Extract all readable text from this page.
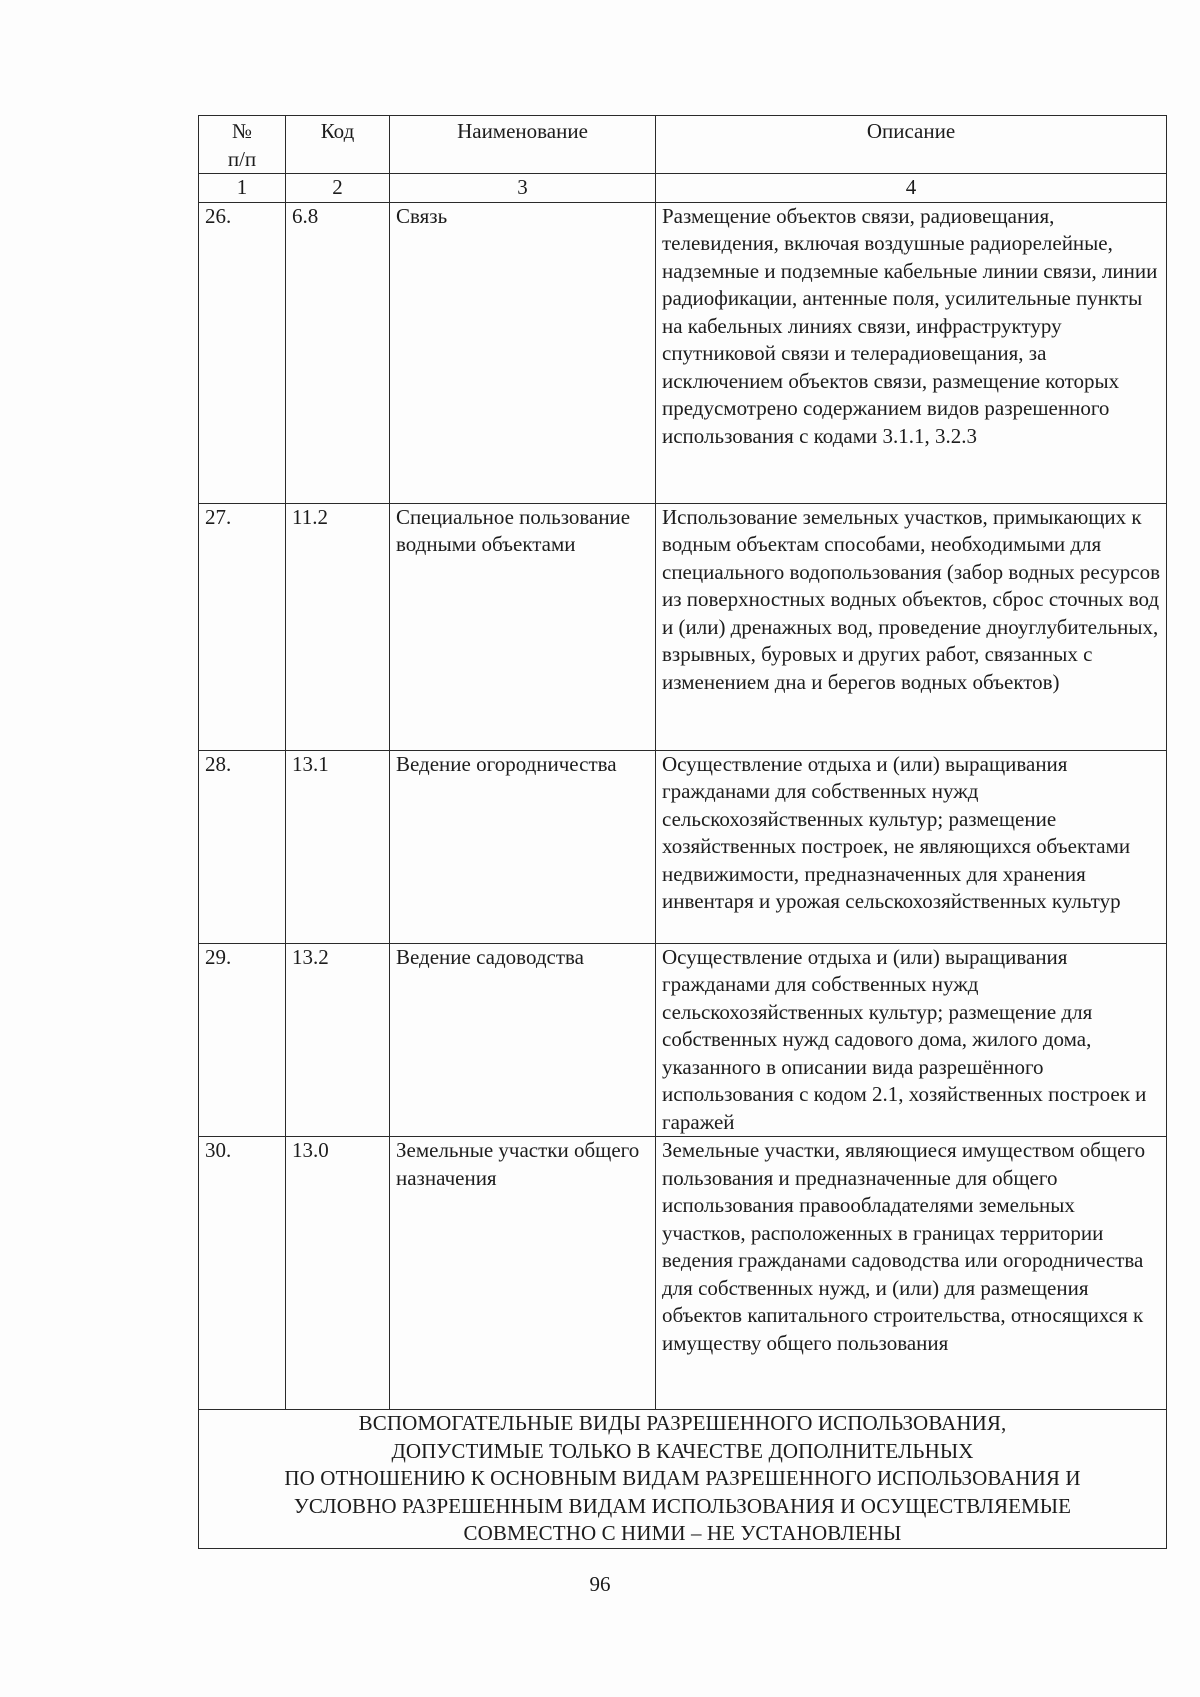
№
п/п	Код	Наименование	Описание
1	2	3	4
26.	6.8	Связь	Размещение объектов связи, радиовещания, телевидения, включая воздушные радиорелейные, надземные и подземные кабельные линии связи, линии радиофикации, антенные поля, усилительные пункты на кабельных линиях связи, инфраструктуру спутниковой связи и телерадиовещания, за исключением объектов связи, размещение которых предусмотрено содержанием видов разрешенного использования с кодами 3.1.1, 3.2.3
27.	11.2	Специальное пользование водными объектами	Использование земельных участков, примыкающих к водным объектам способами, необходимыми для специального водопользования (забор водных ресурсов из поверхностных водных объектов, сброс сточных вод и (или) дренажных вод, проведение дноуглубительных, взрывных, буровых и других работ, связанных с изменением дна и берегов водных объектов)
28.	13.1	Ведение огородничества	Осуществление отдыха и (или) выращивания гражданами для собственных нужд сельскохозяйственных культур; размещение хозяйственных построек, не являющихся объектами недвижимости, предназначенных для хранения инвентаря и урожая сельскохозяйственных культур
29.	13.2	Ведение садоводства	Осуществление отдыха и (или) выращивания гражданами для собственных нужд сельскохозяйственных культур; размещение для собственных нужд садового дома, жилого дома, указанного в описании вида разрешённого использования с кодом 2.1, хозяйственных построек и гаражей
30.	13.0	Земельные участки общего назначения	Земельные участки, являющиеся имуществом общего пользования и предназначенные для общего использования правообладателями земельных участков, расположенных в границах территории ведения гражданами садоводства или огородничества для собственных нужд, и (или) для размещения объектов капитального строительства, относящихся к имуществу общего пользования

ВСПОМОГАТЕЛЬНЫЕ ВИДЫ РАЗРЕШЕННОГО ИСПОЛЬЗОВАНИЯ,
ДОПУСТИМЫЕ ТОЛЬКО В КАЧЕСТВЕ ДОПОЛНИТЕЛЬНЫХ
ПО ОТНОШЕНИЮ К ОСНОВНЫМ ВИДАМ РАЗРЕШЕННОГО ИСПОЛЬЗОВАНИЯ И
УСЛОВНО РАЗРЕШЕННЫМ ВИДАМ ИСПОЛЬЗОВАНИЯ И ОСУЩЕСТВЛЯЕМЫЕ
СОВМЕСТНО С НИМИ – НЕ УСТАНОВЛЕНЫ			
96
